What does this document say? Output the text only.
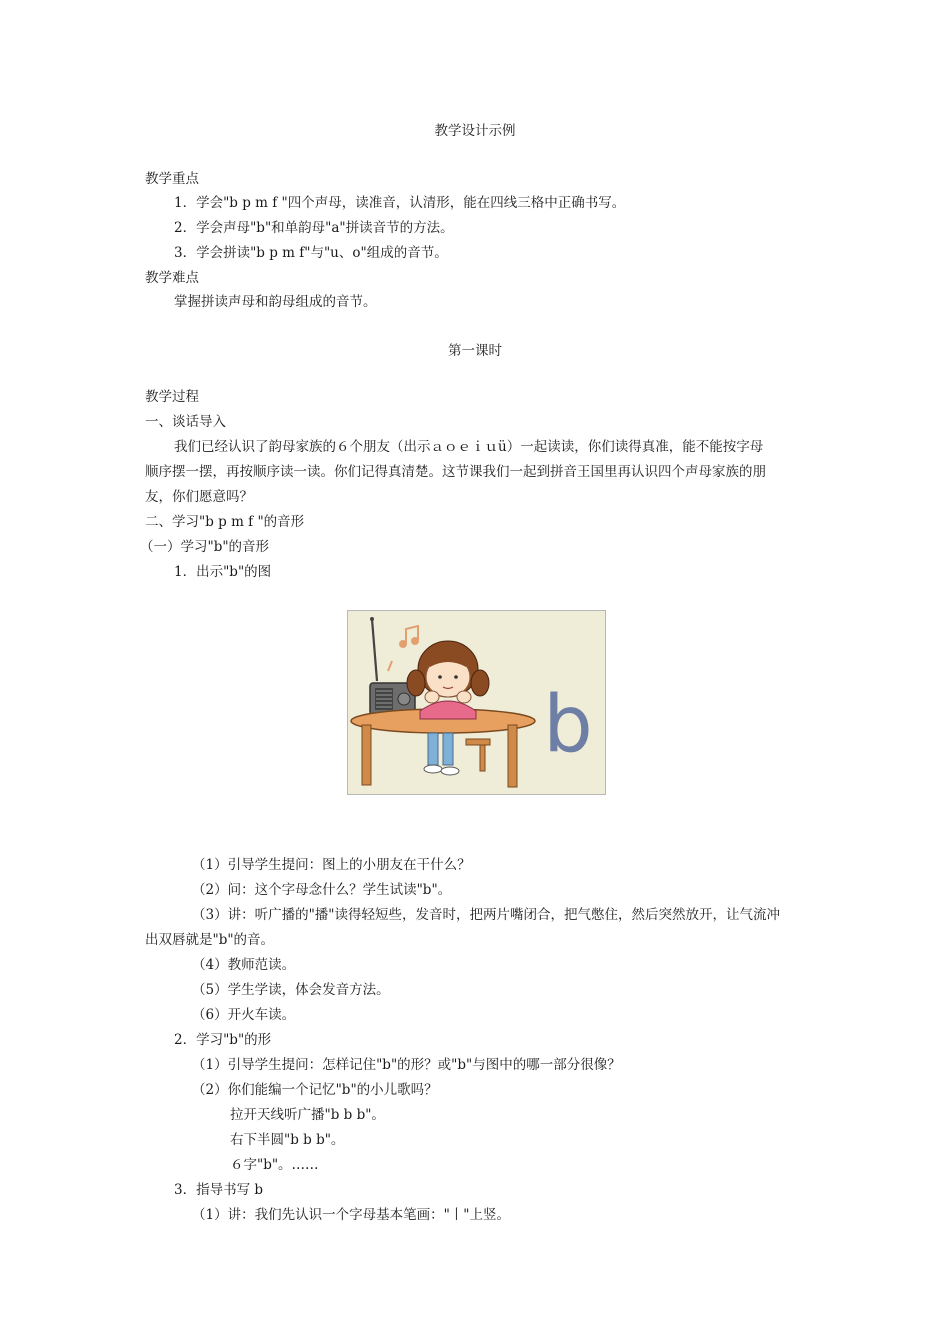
教学设计示例
教学重点
1．学会"b p m f "四个声母，读准音，认清形，能在四线三格中正确书写。
2．学会声母"b"和单韵母"a"拼读音节的方法。
3．学会拼读"b p m f"与"u、o"组成的音节。
教学难点
掌握拼读声母和韵母组成的音节。
第一课时
教学过程
一、谈话导入
我们已经认识了韵母家族的６个朋友（出示ａｏｅｉｕü）一起读读，你们读得真准，能不能按字母
顺序摆一摆，再按顺序读一读。你们记得真清楚。这节课我们一起到拼音王国里再认识四个声母家族的朋
友，你们愿意吗？
二、学习"b p m f "的音形
（一）学习"b"的音形
1．出示"b"的图
b
（1）引导学生提问：图上的小朋友在干什么？
（2）问：这个字母念什么？学生试读"b"。
（3）讲：听广播的"播"读得轻短些，发音时，把两片嘴闭合，把气憋住，然后突然放开，让气流冲
出双唇就是"b"的音。
（4）教师范读。
（5）学生学读，体会发音方法。
（6）开火车读。
2．学习"b"的形
（1）引导学生提问：怎样记住"b"的形？或"b"与图中的哪一部分很像？
（2）你们能编一个记忆"b"的小儿歌吗？
拉开天线听广播"b b b"。
右下半圆"b b b"。
６字"b"。……
3．指导书写 b
（1）讲：我们先认识一个字母基本笔画："丨"上竖。
